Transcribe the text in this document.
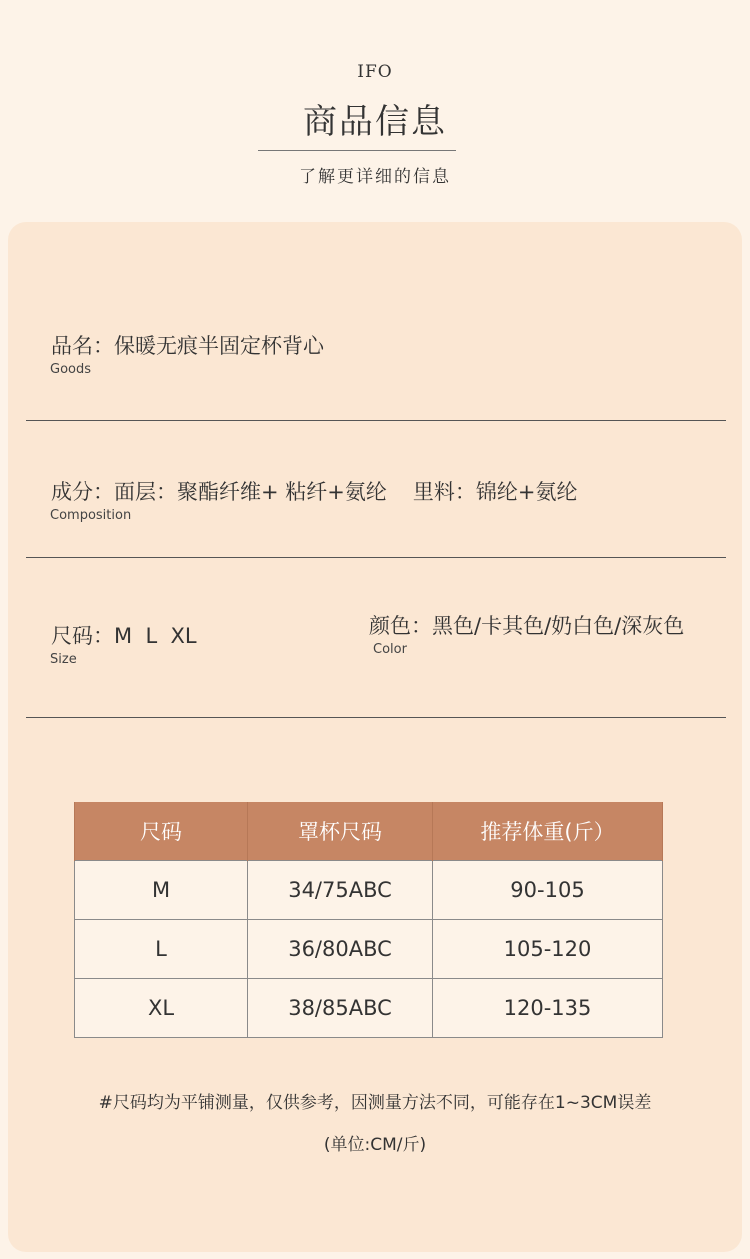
IFO
商品信息
了解更详细的信息
品名：保暖无痕半固定杯背心
Goods
成分：面层：聚酯纤维+ 粘纤+氨纶 里料：锦纶+氨纶
Composition
尺码：M  L  XL
Size
颜色：黑色/卡其色/奶白色/深灰色
Color
尺码	罩杯尺码	推荐体重(斤）
M	34/75ABC	90-105
L	36/80ABC	105-120
XL	38/85ABC	120-135
#尺码均为平铺测量，仅供参考，因测量方法不同，可能存在1~3CM误差
(单位:CM/斤)
